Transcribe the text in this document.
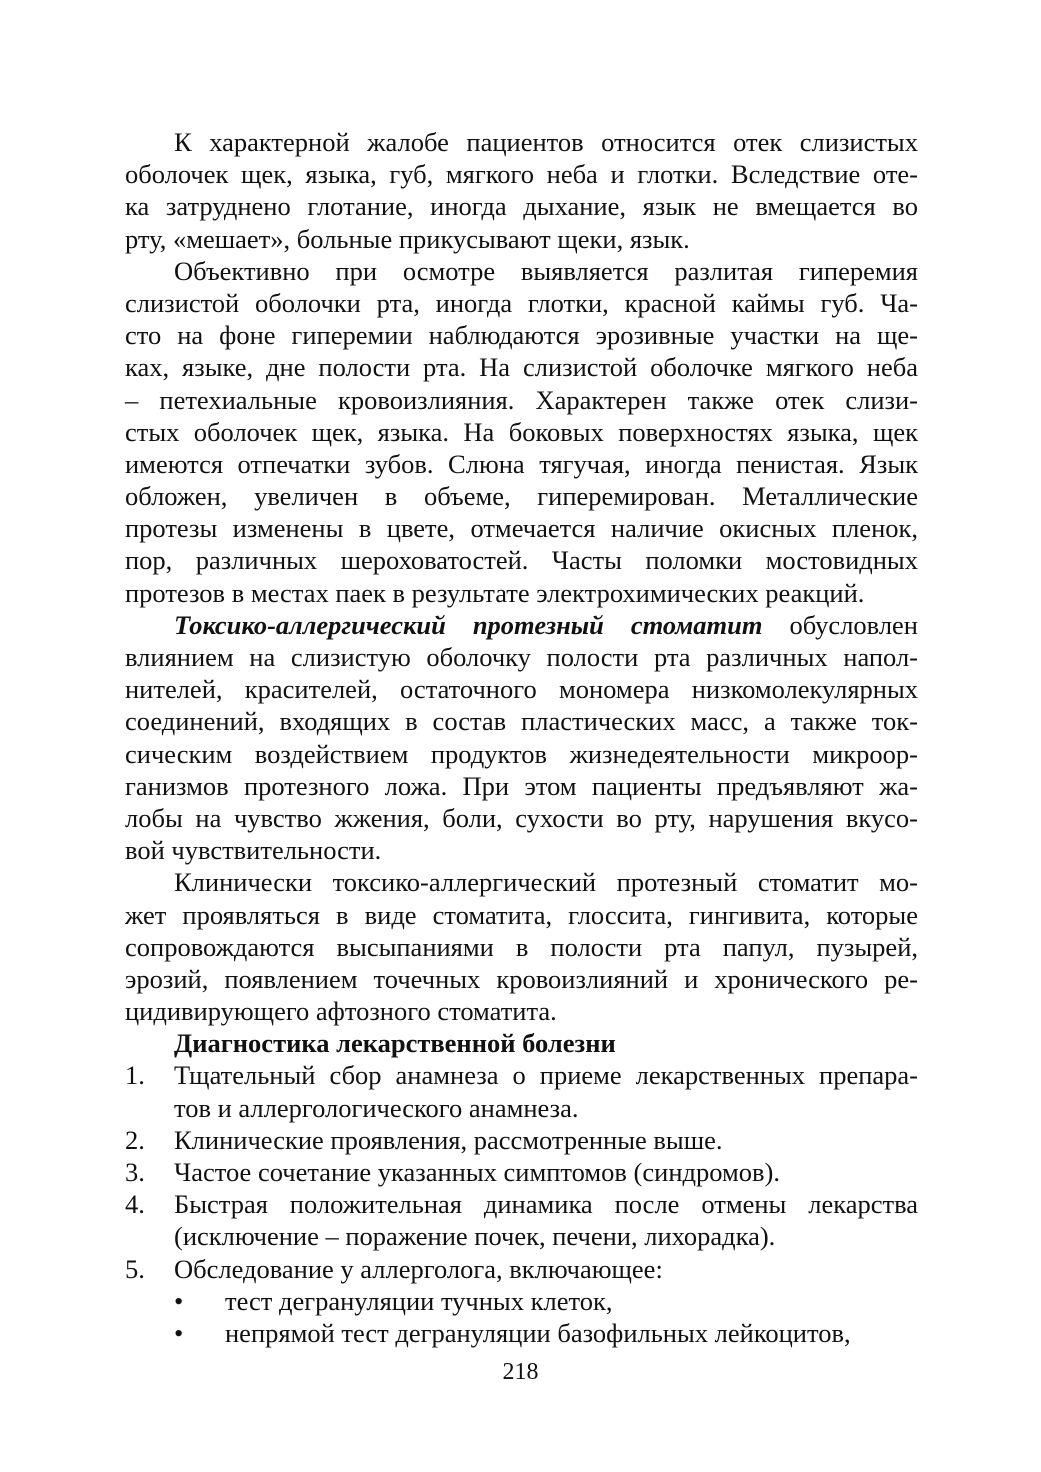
К характерной жалобе пациентов относится отек слизистых
оболочек щек, языка, губ, мягкого неба и глотки. Вследствие оте-
ка затруднено глотание, иногда дыхание, язык не вмещается во
рту, «мешает», больные прикусывают щеки, язык.
Объективно при осмотре выявляется разлитая гиперемия
слизистой оболочки рта, иногда глотки, красной каймы губ. Ча-
сто на фоне гиперемии наблюдаются эрозивные участки на ще-
ках, языке, дне полости рта. На слизистой оболочке мягкого неба
– петехиальные кровоизлияния. Характерен также отек слизи-
стых оболочек щек, языка. На боковых поверхностях языка, щек
имеются отпечатки зубов. Слюна тягучая, иногда пенистая. Язык
обложен, увеличен в объеме, гиперемирован. Металлические
протезы изменены в цвете, отмечается наличие окисных пленок,
пор, различных шероховатостей. Часты поломки мостовидных
протезов в местах паек в результате электрохимических реакций.
Токсико-аллергический протезный стоматит обусловлен
влиянием на слизистую оболочку полости рта различных напол-
нителей, красителей, остаточного мономера низкомолекулярных
соединений, входящих в состав пластических масс, а также ток-
сическим воздействием продуктов жизнедеятельности микроор-
ганизмов протезного ложа. При этом пациенты предъявляют жа-
лобы на чувство жжения, боли, сухости во рту, нарушения вкусо-
вой чувствительности.
Клинически токсико-аллергический протезный стоматит мо-
жет проявляться в виде стоматита, глоссита, гингивита, которые
сопровождаются высыпаниями в полости рта папул, пузырей,
эрозий, появлением точечных кровоизлияний и хронического ре-
цидивирующего афтозного стоматита.
Диагностика лекарственной болезни
1. Тщательный сбор анамнеза о приеме лекарственных препара-
тов и аллергологического анамнеза.
2. Клинические проявления, рассмотренные выше.
3. Частое сочетание указанных симптомов (синдромов).
4. Быстрая положительная динамика после отмены лекарства
(исключение – поражение почек, печени, лихорадка).
5. Обследование у аллерголога, включающее:
• тест дегрануляции тучных клеток,
• непрямой тест дегрануляции базофильных лейкоцитов,
218
